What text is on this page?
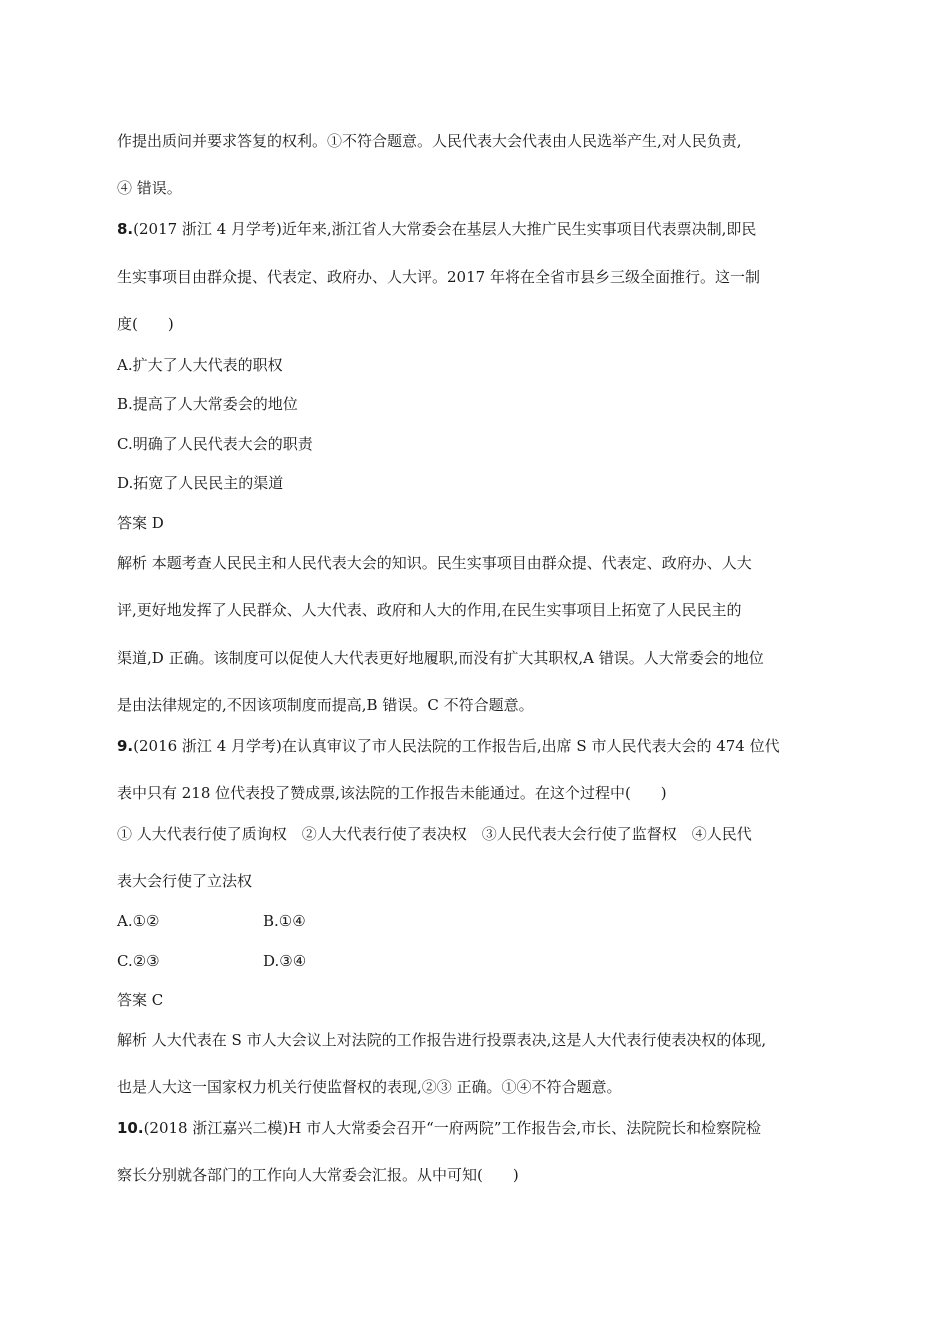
作提出质问并要求答复的权利。①不符合题意。人民代表大会代表由人民选举产生,对人民负责,
④ 错误。
8.(2017 浙江 4 月学考)近年来,浙江省人大常委会在基层人大推广民生实事项目代表票决制,即民
生实事项目由群众提、代表定、政府办、人大评。2017 年将在全省市县乡三级全面推行。这一制
度(　　)
A.扩大了人大代表的职权
B.提高了人大常委会的地位
C.明确了人民代表大会的职责
D.拓宽了人民民主的渠道
答案 D
解析 本题考查人民民主和人民代表大会的知识。民生实事项目由群众提、代表定、政府办、人大
评,更好地发挥了人民群众、人大代表、政府和人大的作用,在民生实事项目上拓宽了人民民主的
渠道,D 正确。该制度可以促使人大代表更好地履职,而没有扩大其职权,A 错误。人大常委会的地位
是由法律规定的,不因该项制度而提高,B 错误。C 不符合题意。
9.(2016 浙江 4 月学考)在认真审议了市人民法院的工作报告后,出席 S 市人民代表大会的 474 位代
表中只有 218 位代表投了赞成票,该法院的工作报告未能通过。在这个过程中(　　)
① 人大代表行使了质询权　②人大代表行使了表决权　③人民代表大会行使了监督权　④人民代
表大会行使了立法权
A.①②	B.①④
C.②③	D.③④
答案 C
解析 人大代表在 S 市人大会议上对法院的工作报告进行投票表决,这是人大代表行使表决权的体现,
也是人大这一国家权力机关行使监督权的表现,②③ 正确。①④不符合题意。
10.(2018 浙江嘉兴二模)H 市人大常委会召开“一府两院”工作报告会,市长、法院院长和检察院检
察长分别就各部门的工作向人大常委会汇报。从中可知(　　)
